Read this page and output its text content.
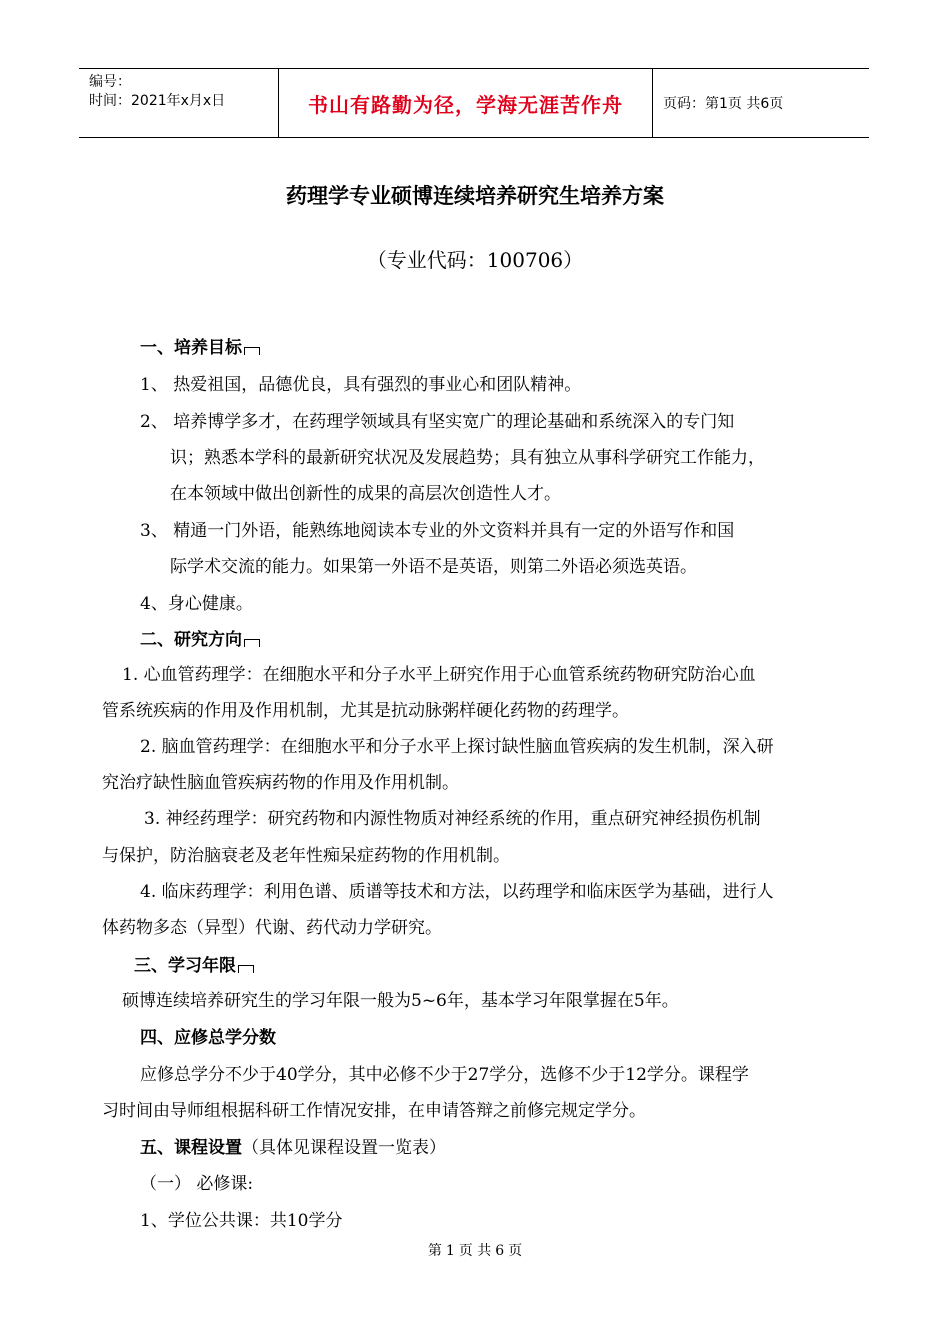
编号：
时间：2021年x月x日	书山有路勤为径，学海无涯苦作舟	页码：第1页 共6页
药理学专业硕博连续培养研究生培养方案
（专业代码：100706）
一、培养目标
1、 热爱祖国，品德优良，具有强烈的事业心和团队精神。
2、 培养博学多才，在药理学领域具有坚实宽广的理论基础和系统深入的专门知
识；熟悉本学科的最新研究状况及发展趋势；具有独立从事科学研究工作能力，
在本领域中做出创新性的成果的高层次创造性人才。
3、 精通一门外语，能熟练地阅读本专业的外文资料并具有一定的外语写作和国
际学术交流的能力。如果第一外语不是英语，则第二外语必须选英语。
4、身心健康。
二、研究方向
1. 心血管药理学：在细胞水平和分子水平上研究作用于心血管系统药物研究防治心血
管系统疾病的作用及作用机制，尤其是抗动脉粥样硬化药物的药理学。
2. 脑血管药理学：在细胞水平和分子水平上探讨缺性脑血管疾病的发生机制，深入研
究治疗缺性脑血管疾病药物的作用及作用机制。
3. 神经药理学：研究药物和内源性物质对神经系统的作用，重点研究神经损伤机制
与保护，防治脑衰老及老年性痴呆症药物的作用机制。
4. 临床药理学：利用色谱、质谱等技术和方法，以药理学和临床医学为基础，进行人
体药物多态（异型）代谢、药代动力学研究。
三、学习年限
硕博连续培养研究生的学习年限一般为5~6年，基本学习年限掌握在5年。
四、应修总学分数
应修总学分不少于40学分，其中必修不少于27学分，选修不少于12学分。课程学
习时间由导师组根据科研工作情况安排，在申请答辩之前修完规定学分。
五、课程设置（具体见课程设置一览表）
（一） 必修课:
1、学位公共课：共10学分
第 1 页 共 6 页
